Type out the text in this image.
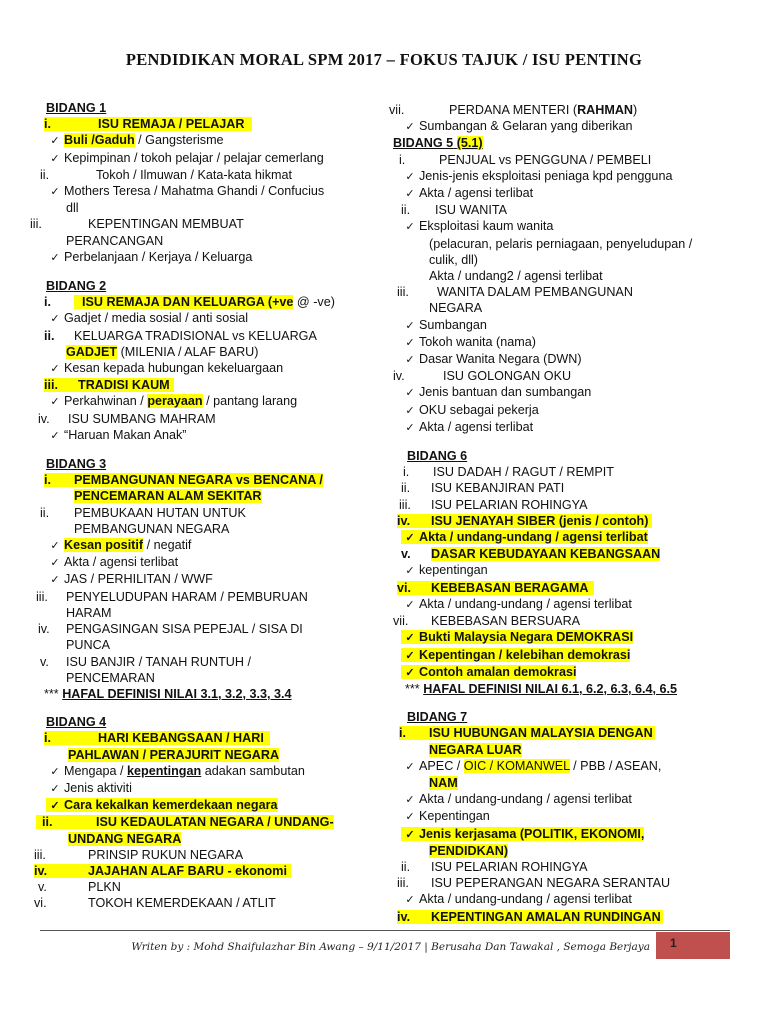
PENDIDIKAN MORAL SPM 2017 – FOKUS TAJUK / ISU PENTING
BIDANG 1
i.	ISU REMAJA / PELAJAR
✓ Buli /Gaduh / Gangsterisme
✓ Kepimpinan / tokoh pelajar / pelajar cemerlang
ii.	Tokoh / Ilmuwan / Kata-kata hikmat
✓ Mothers Teresa / Mahatma Ghandi / Confucius
dll
iii.	KEPENTINGAN MEMBUAT
PERANCANGAN
✓ Perbelanjaan / Kerjaya / Keluarga
BIDANG 2
i. ISU REMAJA DAN KELUARGA (+ve @ -ve)
✓ Gadjet / media sosial / anti sosial
ii. KELUARGA TRADISIONAL vs KELUARGA
GADJET (MILENIA / ALAF BARU)
✓ Kesan kepada hubungan kekeluargaan
iii. TRADISI KAUM
✓ Perkahwinan / perayaan / pantang larang
iv. ISU SUMBANG MAHRAM
✓ “Haruan Makan Anak”
BIDANG 3
i. PEMBANGUNAN NEGARA vs BENCANA /
PENCEMARAN ALAM SEKITAR
ii. PEMBUKAAN HUTAN UNTUK
PEMBANGUNAN NEGARA
✓ Kesan positif / negatif
✓ Akta / agensi terlibat
✓ JAS / PERHILITAN / WWF
iii. PENYELUDUPAN HARAM / PEMBURUAN
HARAM
iv. PENGASINGAN SISA PEPEJAL / SISA DI
PUNCA
v. ISU BANJIR / TANAH RUNTUH /
PENCEMARAN
*** HAFAL DEFINISI NILAI 3.1, 3.2, 3.3, 3.4
BIDANG 4
i.	HARI KEBANGSAAN / HARI
PAHLAWAN / PERAJURIT NEGARA
✓ Mengapa / kepentingan adakan sambutan
✓ Jenis aktiviti
✓ Cara kekalkan kemerdekaan negara
ii.	ISU KEDAULATAN NEGARA / UNDANG-
UNDANG NEGARA
iii.	PRINSIP RUKUN NEGARA
iv.	JAJAHAN ALAF BARU - ekonomi
v.	PLKN
vi.	TOKOH KEMERDEKAAN / ATLIT
vii.	PERDANA MENTERI (RAHMAN)
✓ Sumbangan & Gelaran yang diberikan
BIDANG 5 (5.1)
i.	PENJUAL vs PENGGUNA / PEMBELI
✓ Jenis-jenis eksploitasi peniaga kpd pengguna
✓ Akta / agensi terlibat
ii. ISU WANITA
✓ Eksploitasi kaum wanita
(pelacuran, pelaris perniagaan, penyeludupan /
culik, dll)
Akta / undang2 / agensi terlibat
iii. WANITA DALAM PEMBANGUNAN
NEGARA
✓ Sumbangan
✓ Tokoh wanita (nama)
✓ Dasar Wanita Negara (DWN)
iv.	ISU GOLONGAN OKU
✓ Jenis bantuan dan sumbangan
✓ OKU sebagai pekerja
✓ Akta / agensi terlibat
BIDANG 6
i. ISU DADAH / RAGUT / REMPIT
ii. ISU KEBANJIRAN PATI
iii. ISU PELARIAN ROHINGYA
iv. ISU JENAYAH SIBER (jenis / contoh)
✓ Akta / undang-undang / agensi terlibat
v. DASAR KEBUDAYAAN KEBANGSAAN
✓ kepentingan
vi. KEBEBASAN BERAGAMA
✓ Akta / undang-undang / agensi terlibat
vii. KEBEBASAN BERSUARA
✓ Bukti Malaysia Negara DEMOKRASI
✓ Kepentingan / kelebihan demokrasi
✓ Contoh amalan demokrasi
*** HAFAL DEFINISI NILAI 6.1, 6.2, 6.3, 6.4, 6.5
BIDANG 7
i. ISU HUBUNGAN MALAYSIA DENGAN
NEGARA LUAR
✓ APEC / OIC / KOMANWEL / PBB / ASEAN,
NAM
✓ Akta / undang-undang / agensi terlibat
✓ Kepentingan
✓ Jenis kerjasama (POLITIK, EKONOMI,
PENDIDKAN)
ii. ISU PELARIAN ROHINGYA
iii. ISU PEPERANGAN NEGARA SERANTAU
✓ Akta / undang-undang / agensi terlibat
iv. KEPENTINGAN AMALAN RUNDINGAN
Writen by : Mohd Shaifulazhar Bin Awang – 9/11/2017 | Berusaha Dan Tawakal , Semoga Berjaya 1
